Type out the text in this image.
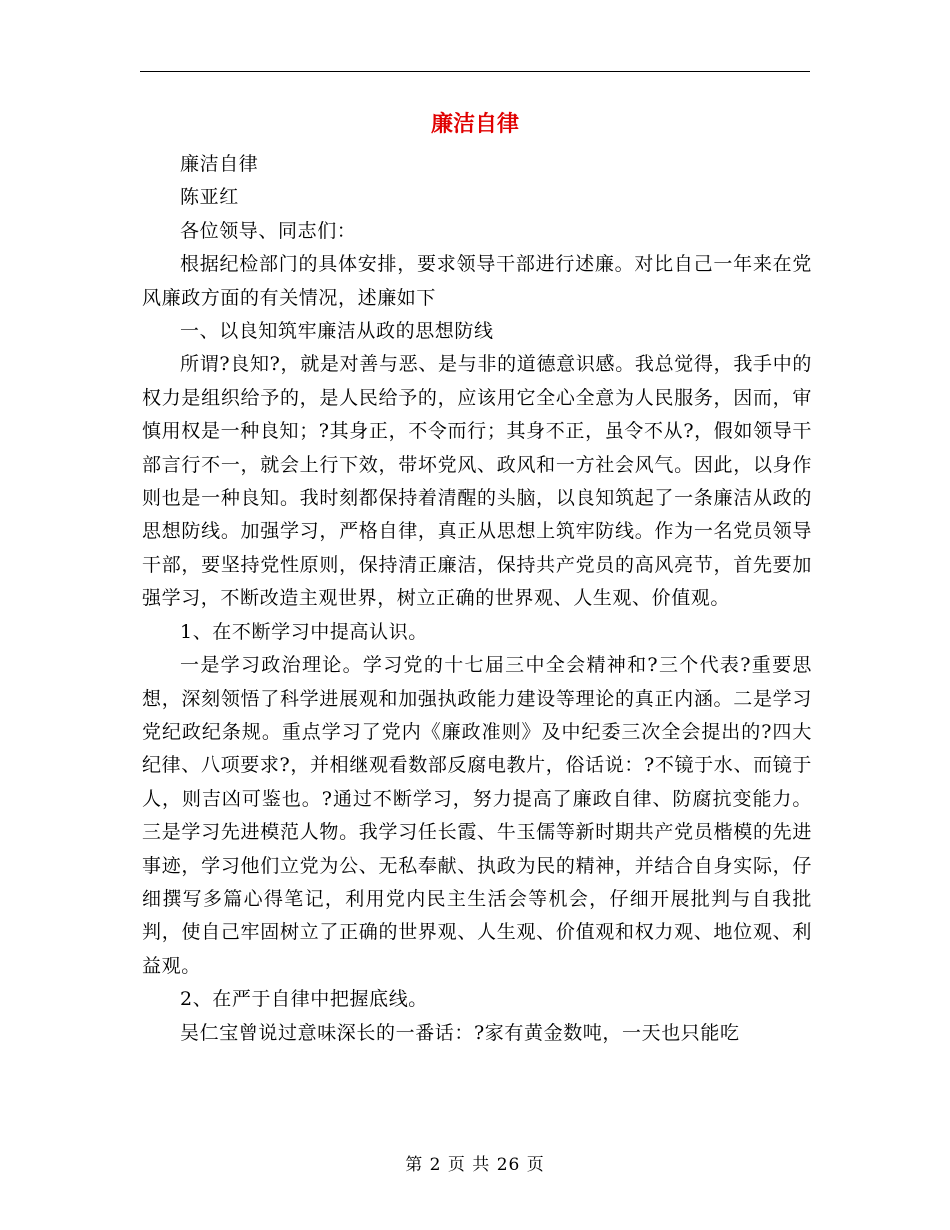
廉洁自律

廉洁自律

陈亚红

各位领导、同志们：

根据纪检部门的具体安排，要求领导干部进行述廉。对比自己一年来在党风廉政方面的有关情况，述廉如下

一、以良知筑牢廉洁从政的思想防线

所谓?良知?，就是对善与恶、是与非的道德意识感。我总觉得，我手中的权力是组织给予的，是人民给予的，应该用它全心全意为人民服务，因而，审慎用权是一种良知；?其身正，不令而行；其身不正，虽令不从?，假如领导干部言行不一，就会上行下效，带坏党风、政风和一方社会风气。因此，以身作则也是一种良知。我时刻都保持着清醒的头脑，以良知筑起了一条廉洁从政的思想防线。加强学习，严格自律，真正从思想上筑牢防线。作为一名党员领导干部，要坚持党性原则，保持清正廉洁，保持共产党员的高风亮节，首先要加强学习，不断改造主观世界，树立正确的世界观、人生观、价值观。

1、在不断学习中提高认识。

一是学习政治理论。学习党的十七届三中全会精神和?三个代表?重要思想，深刻领悟了科学进展观和加强执政能力建设等理论的真正内涵。二是学习党纪政纪条规。重点学习了党内《廉政准则》及中纪委三次全会提出的?四大纪律、八项要求?，并相继观看数部反腐电教片，俗话说：?不镜于水、而镜于人，则吉凶可鉴也。?通过不断学习，努力提高了廉政自律、防腐抗变能力。三是学习先进模范人物。我学习任长霞、牛玉儒等新时期共产党员楷模的先进事迹，学习他们立党为公、无私奉献、执政为民的精神，并结合自身实际，仔细撰写多篇心得笔记，利用党内民主生活会等机会，仔细开展批判与自我批判，使自己牢固树立了正确的世界观、人生观、价值观和权力观、地位观、利益观。

2、在严于自律中把握底线。

吴仁宝曾说过意味深长的一番话：?家有黄金数吨，一天也只能吃

第 2 页 共 26 页
